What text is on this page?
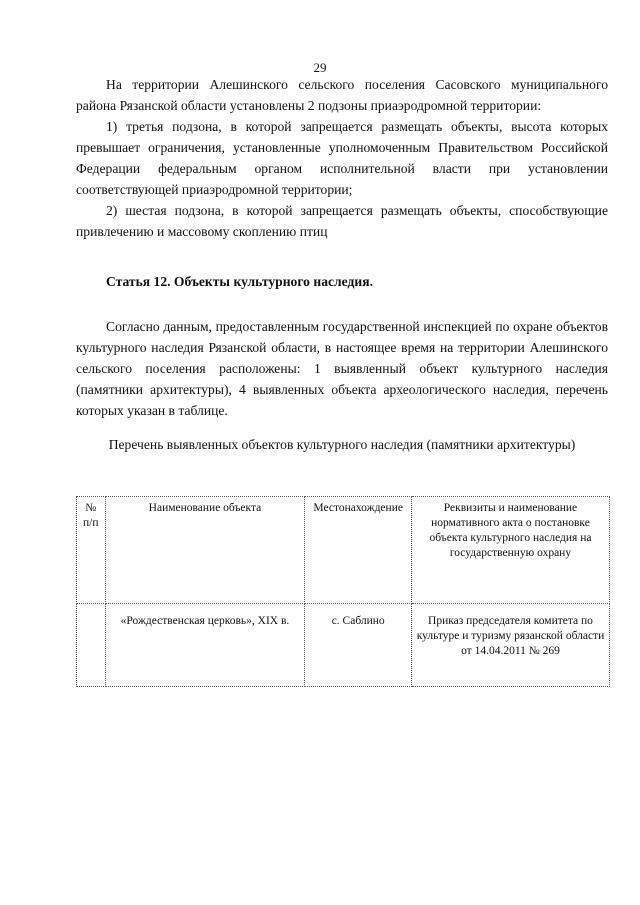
29

На территории Алешинского сельского поселения Сасовского муниципального района Рязанской области установлены 2 подзоны приаэродромной территории:

1) третья подзона, в которой запрещается размещать объекты, высота которых превышает ограничения, установленные уполномоченным Правительством Российской Федерации федеральным органом исполнительной власти при установлении соответствующей приаэродромной территории;

2) шестая подзона, в которой запрещается размещать объекты, способствующие привлечению и массовому скоплению птиц

Статья 12. Объекты культурного наследия.

Согласно данным, предоставленным государственной инспекцией по охране объектов культурного наследия Рязанской области, в настоящее время на территории Алешинского сельского поселения расположены: 1 выявленный объект культурного наследия (памятники архитектуры), 4 выявленных объекта археологического наследия, перечень которых указан в таблице.

Перечень выявленных объектов культурного наследия (памятники архитектуры)

№ п/п	Наименование объекта	Местонахождение	Реквизиты и наименование нормативного акта о постановке объекта культурного наследия на государственную охрану
	«Рождественская церковь», XIX в.	с. Саблино	Приказ председателя комитета по культуре и туризму рязанской области от 14.04.2011 № 269
